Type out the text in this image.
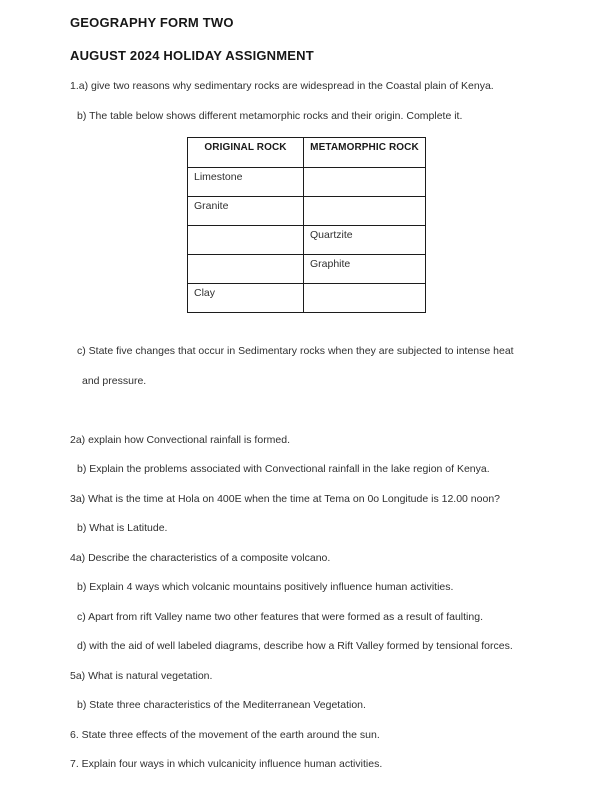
GEOGRAPHY FORM TWO

AUGUST 2024 HOLIDAY ASSIGNMENT

1.a) give two reasons why sedimentary rocks are widespread in the Coastal plain of Kenya.

b) The table below shows different metamorphic rocks and their origin. Complete it.

ORIGINAL ROCK	METAMORPHIC ROCK
Limestone	
Granite	
	Quartzite
	Graphite
Clay	

c) State five changes that occur in Sedimentary rocks when they are subjected to intense heat

and pressure.

2a) explain how Convectional rainfall is formed.

b) Explain the problems associated with Convectional rainfall in the lake region of Kenya.

3a) What is the time at Hola on 400E when the time at Tema on 0o Longitude is 12.00 noon?

b) What is Latitude.

4a) Describe the characteristics of a composite volcano.

b) Explain 4 ways which volcanic mountains positively influence human activities.

c) Apart from rift Valley name two other features that were formed as a result of faulting.

d) with the aid of well labeled diagrams, describe how a Rift Valley formed by tensional forces.

5a) What is natural vegetation.

b) State three characteristics of the Mediterranean Vegetation.

6. State three effects of the movement of the earth around the sun.

7. Explain four ways in which vulcanicity influence human activities.
